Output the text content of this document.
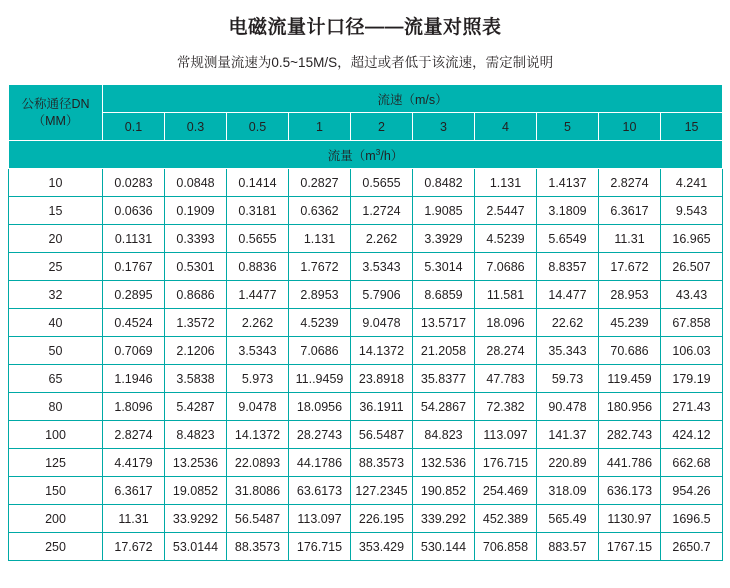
电磁流量计口径——流量对照表
常规测量流速为0.5~15M/S，超过或者低于该流速，需定制说明
公称通径DN
（MM）	流速（m/s）									
	0.1	0.3	0.5	1	2	3	4	5	10	15
流量$(m^3/h)$										
10	0.0283	0.0848	0.1414	0.2827	0.5655	0.8482	1.131	1.4137	2.8274	4.241
15	0.0636	0.1909	0.3181	0.6362	1.2724	1.9085	2.5447	3.1809	6.3617	9.543
20	0.1131	0.3393	0.5655	1.131	2.262	3.3929	4.5239	5.6549	11.31	16.965
25	0.1767	0.5301	0.8836	1.7672	3.5343	5.3014	7.0686	8.8357	17.672	26.507
32	0.2895	0.8686	1.4477	2.8953	5.7906	8.6859	11.581	14.477	28.953	43.43
40	0.4524	1.3572	2.262	4.5239	9.0478	13.5717	18.096	22.62	45.239	67.858
50	0.7069	2.1206	3.5343	7.0686	14.1372	21.2058	28.274	35.343	70.686	106.03
65	1.1946	3.5838	5.973	11..9459	23.8918	35.8377	47.783	59.73	119.459	179.19
80	1.8096	5.4287	9.0478	18.0956	36.1911	54.2867	72.382	90.478	180.956	271.43
100	2.8274	8.4823	14.1372	28.2743	56.5487	84.823	113.097	141.37	282.743	424.12
125	4.4179	13.2536	22.0893	44.1786	88.3573	132.536	176.715	220.89	441.786	662.68
150	6.3617	19.0852	31.8086	63.6173	127.2345	190.852	254.469	318.09	636.173	954.26
200	11.31	33.9292	56.5487	113.097	226.195	339.292	452.389	565.49	1130.97	1696.5
250	17.672	53.0144	88.3573	176.715	353.429	530.144	706.858	883.57	1767.15	2650.7
